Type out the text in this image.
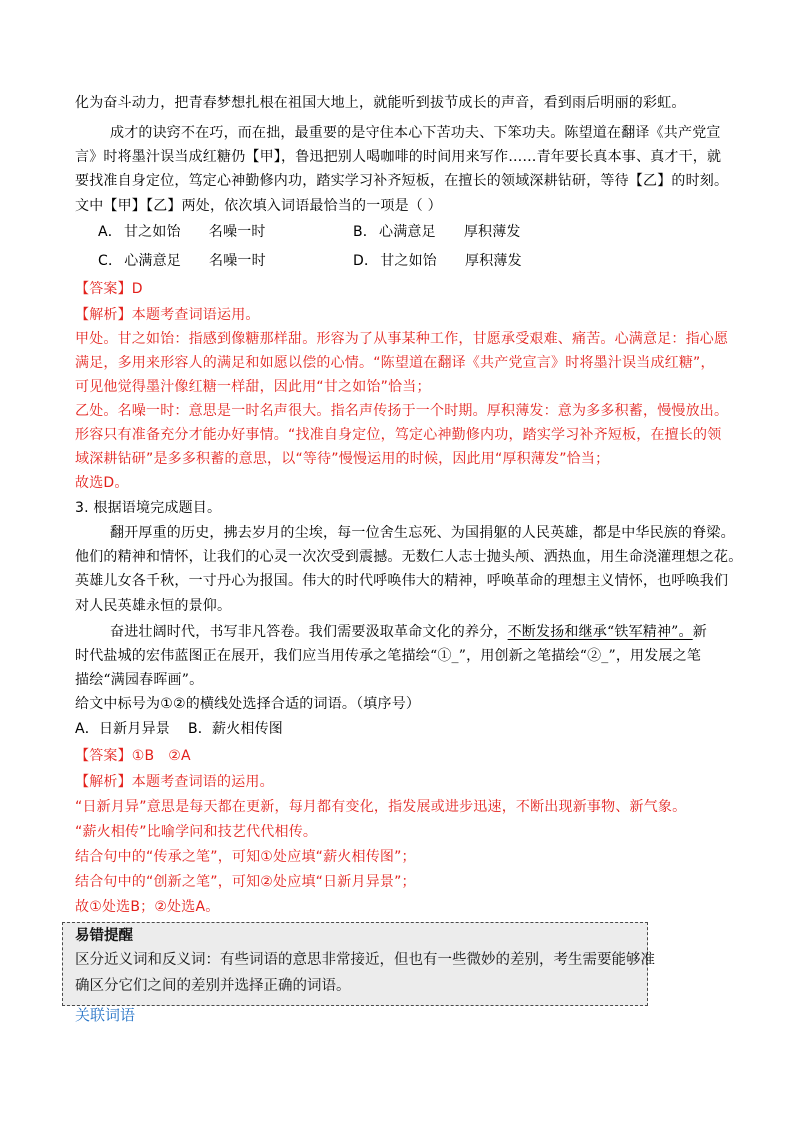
化为奋斗动力，把青春梦想扎根在祖国大地上，就能听到拔节成长的声音，看到雨后明丽的彩虹。
成才的诀窍不在巧，而在拙，最重要的是守住本心下苦功夫、下笨功夫。陈望道在翻译《共产党宣
言》时将墨汁误当成红糖仍【甲】，鲁迅把别人喝咖啡的时间用来写作……青年要长真本事、真才干，就
要找准自身定位，笃定心神勤修内功，踏实学习补齐短板，在擅长的领域深耕钻研，等待【乙】的时刻。
文中【甲】【乙】两处，依次填入词语最恰当的一项是（ ）
A． 甘之如饴 名噪一时	B． 心满意足 厚积薄发
C． 心满意足 名噪一时	D． 甘之如饴 厚积薄发
【答案】D
【解析】本题考查词语运用。
甲处。甘之如饴：指感到像糖那样甜。形容为了从事某种工作，甘愿承受艰难、痛苦。心满意足：指心愿
满足，多用来形容人的满足和如愿以偿的心情。“陈望道在翻译《共产党宣言》时将墨汁误当成红糖”，
可见他觉得墨汁像红糖一样甜，因此用“甘之如饴”恰当；
乙处。名噪一时：意思是一时名声很大。指名声传扬于一个时期。厚积薄发：意为多多积蓄，慢慢放出。
形容只有准备充分才能办好事情。“找准自身定位，笃定心神勤修内功，踏实学习补齐短板，在擅长的领
域深耕钻研”是多多积蓄的意思，以“等待”慢慢运用的时候，因此用“厚积薄发”恰当；
故选D。
3. 根据语境完成题目。
翻开厚重的历史，拂去岁月的尘埃，每一位舍生忘死、为国捐躯的人民英雄，都是中华民族的脊梁。
他们的精神和情怀，让我们的心灵一次次受到震撼。无数仁人志士抛头颅、洒热血，用生命浇灌理想之花。
英雄儿女各千秋，一寸丹心为报国。伟大的时代呼唤伟大的精神，呼唤革命的理想主义情怀，也呼唤我们
对人民英雄永恒的景仰。
奋进壮阔时代，书写非凡答卷。我们需要汲取革命文化的养分，不断发扬和继承“铁军精神”。新
时代盐城的宏伟蓝图正在展开，我们应当用传承之笔描绘“①_”，用创新之笔描绘“②_”，用发展之笔
描绘“满园春晖画”。
给文中标号为①②的横线处选择合适的词语。（填序号）
A．日新月异景 B．薪火相传图
【答案】①B   ②A
【解析】本题考查词语的运用。
“日新月异”意思是每天都在更新，每月都有变化，指发展或进步迅速，不断出现新事物、新气象。
“薪火相传”比喻学问和技艺代代相传。
结合句中的“传承之笔”，可知①处应填“薪火相传图”；
结合句中的“创新之笔”，可知②处应填“日新月异景”；
故①处选B；②处选A。
易错提醒
区分近义词和反义词：有些词语的意思非常接近，但也有一些微妙的差别，考生需要能够准
确区分它们之间的差别并选择正确的词语。
关联词语
